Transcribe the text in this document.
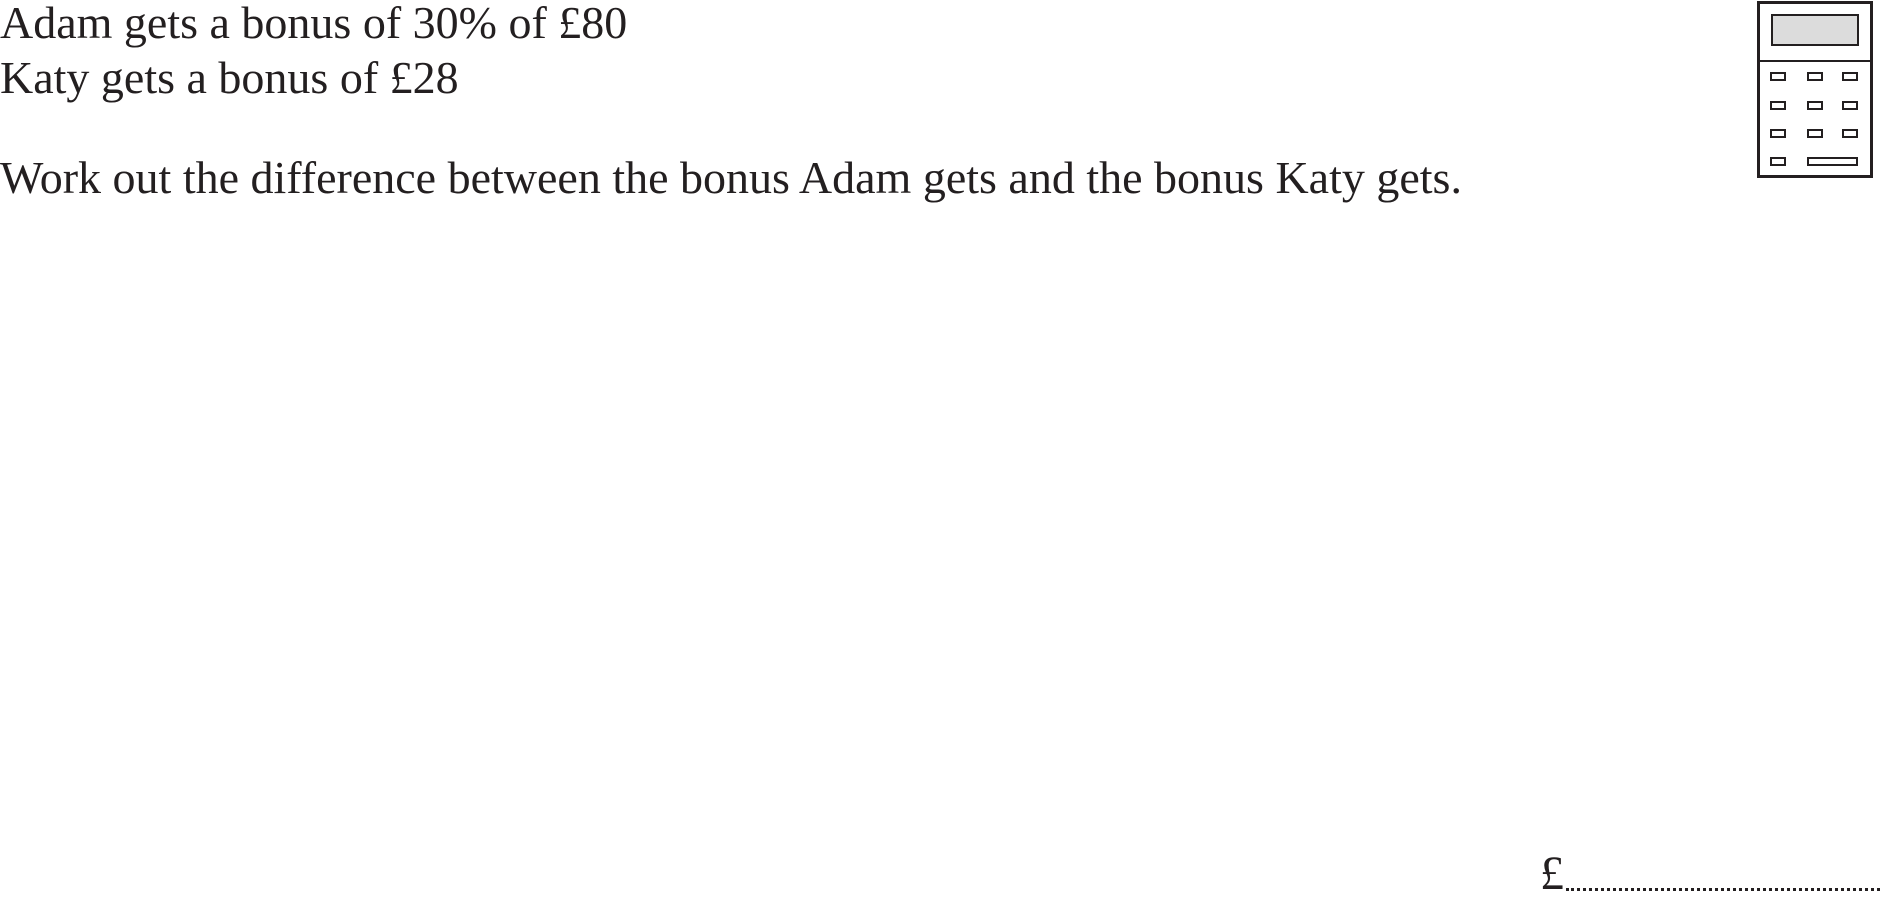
Adam gets a bonus of 30% of £80

Katy gets a bonus of £28

Work out the difference between the bonus Adam gets and the bonus Katy gets.

£
